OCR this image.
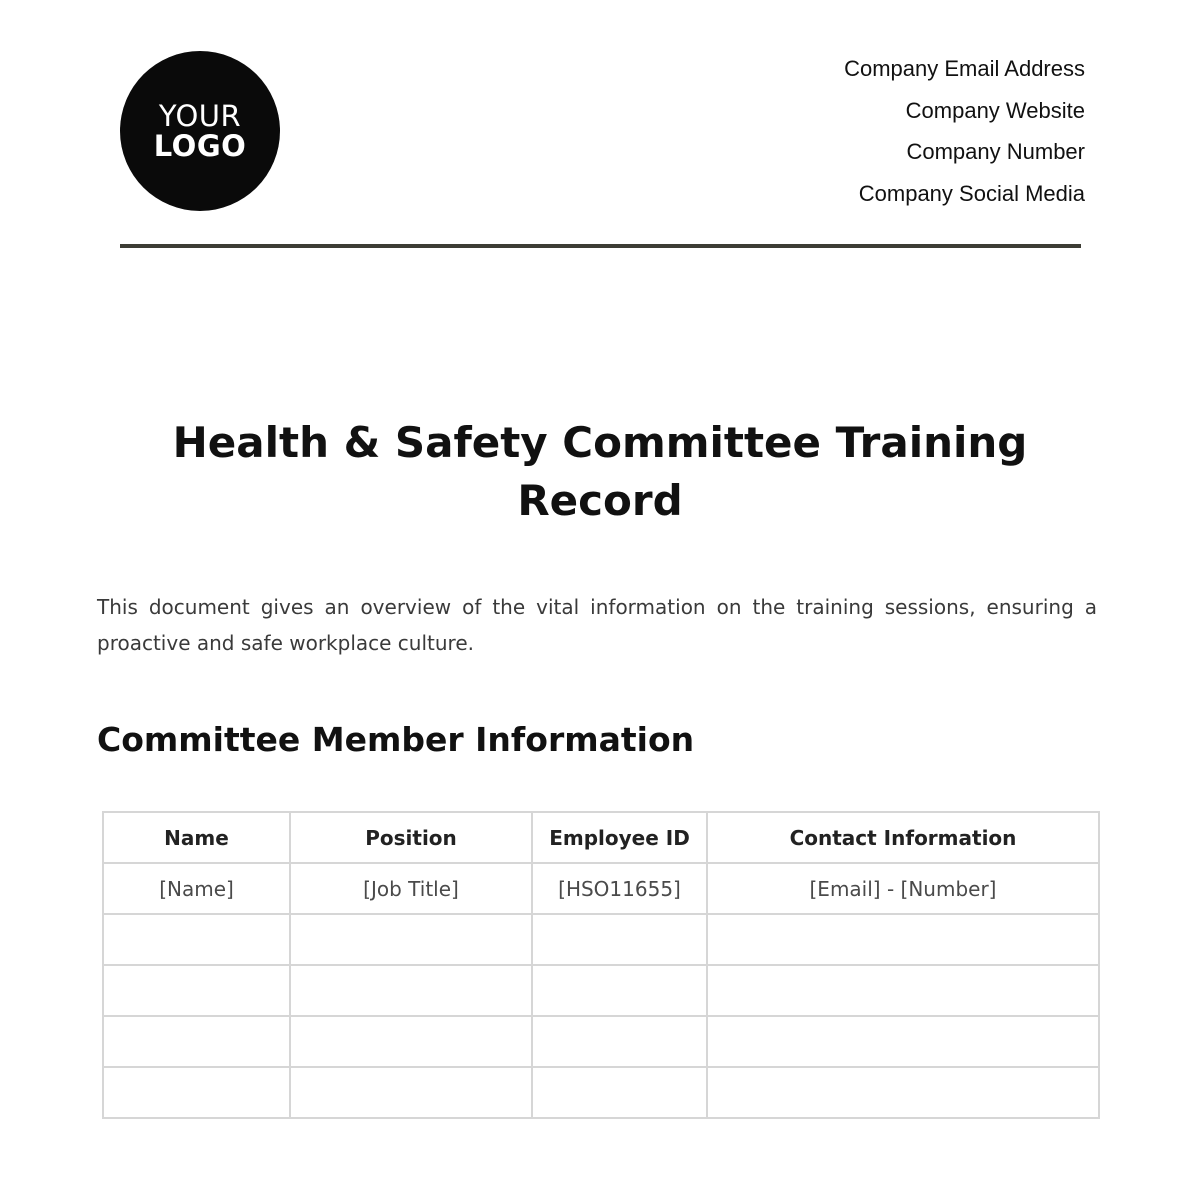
YOUR
LOGO
Company Email Address
Company Website
Company Number
Company Social Media
Health & Safety Committee Training Record
This document gives an overview of the vital information on the training sessions, ensuring a proactive and safe workplace culture.
Committee Member Information
Name	Position	Employee ID	Contact Information
[Name]	[Job Title]	[HSO11655]	[Email] - [Number]
